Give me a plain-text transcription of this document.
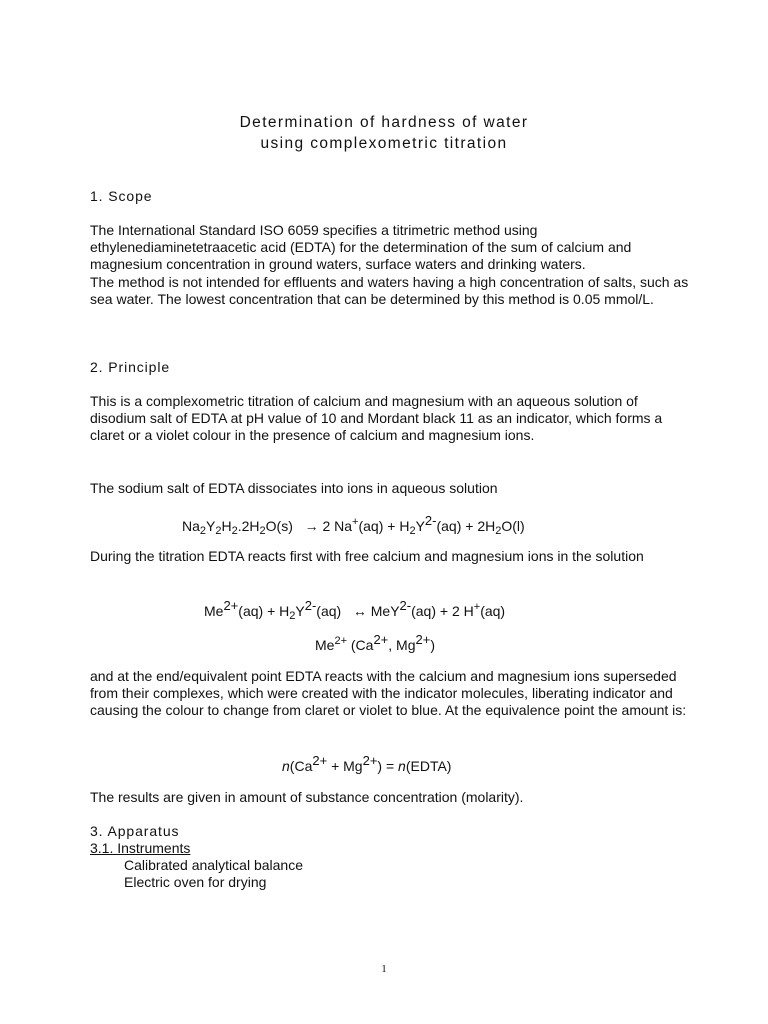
Determination of hardness of water
using complexometric titration
1. Scope

The International Standard ISO 6059 specifies a titrimetric method using ethylenediaminetetraacetic acid (EDTA) for the determination of the sum of calcium and magnesium concentration in ground waters, surface waters and drinking waters.

The method is not intended for effluents and waters having a high concentration of salts, such as sea water. The lowest concentration that can be determined by this method is 0.05 mmol/L.

2. Principle
This is a complexometric titration of calcium and magnesium with an aqueous solution of disodium salt of EDTA at pH value of 10 and Mordant black 11 as an indicator, which forms a claret or a violet colour in the presence of calcium and magnesium ions.
The sodium salt of EDTA dissociates into ions in aqueous solution
$Na_2Y_2H_2.2H_2O(s) \to 2$ $Na^+(aq) + H_2Y^{2-}(aq) + 2H_2O(l)$
During the titration EDTA reacts first with free calcium and magnesium ions in the solution
$Me^{2+}(aq) + H_2Y^{2-}(aq)$ ↔ MeY$^{2-}$(aq) + 2 H+(aq)
$Me^{2+}$ ($Ca^{2+}$, $Mg^{2+}$)
and at the end/equivalent point EDTA reacts with the calcium and magnesium ions superseded from their complexes, which were created with the indicator molecules, liberating indicator and causing the colour to change from claret or violet to blue. At the equivalence point the amount is:
$n(Ca^{2+} + Mg^{2+})$ = n(EDTA)
The results are given in amount of substance concentration (molarity).
3. Apparatus
3.1. Instruments
Calibrated analytical balance
Electric oven for drying
1
